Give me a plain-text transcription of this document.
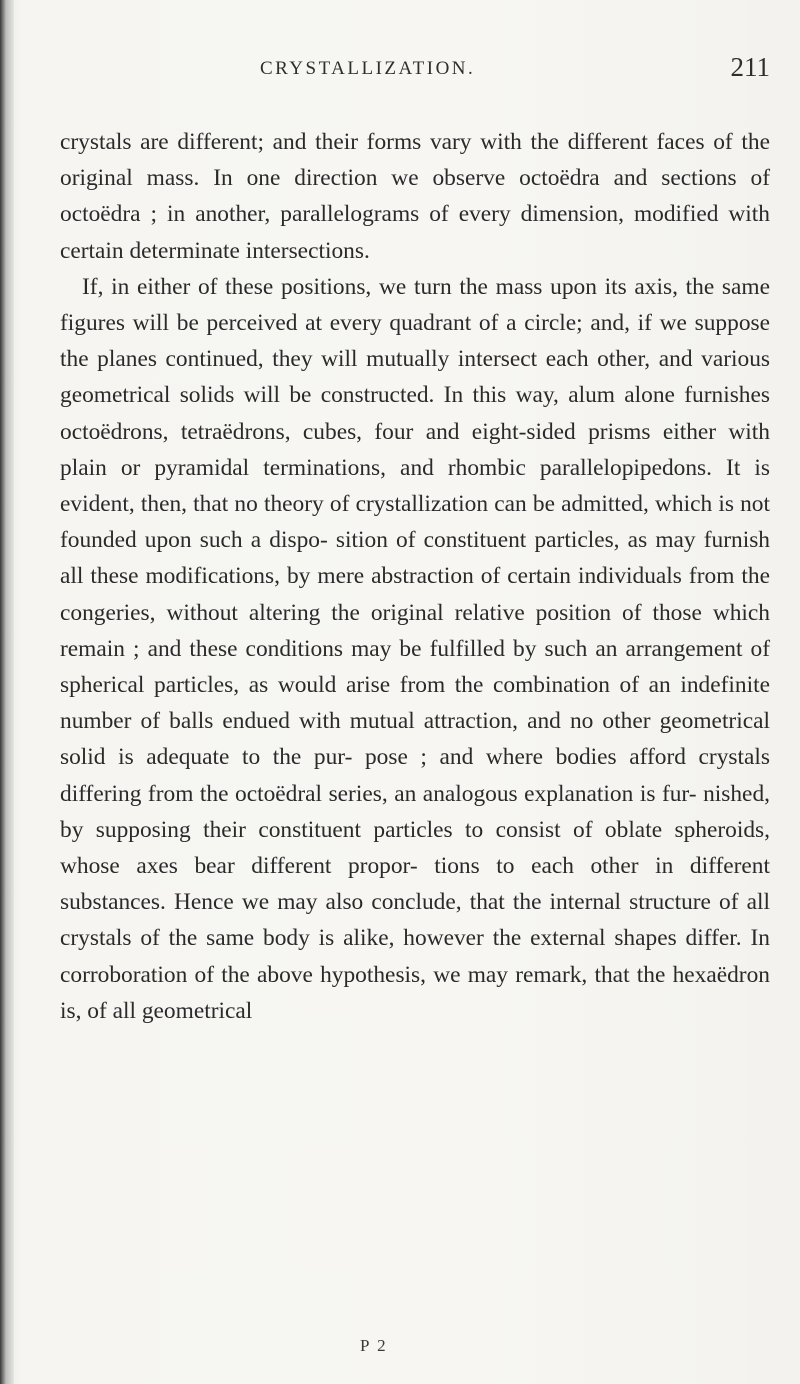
CRYSTALLIZATION.	211

crystals are different; and their forms vary with the different faces of the original mass. In one direction we observe octoëdra and sections of octoëdra ; in another, parallelograms of every dimension, modified with certain determinate intersections.

If, in either of these positions, we turn the mass upon its axis, the same figures will be perceived at every quadrant of a circle; and, if we suppose the planes continued, they will mutually intersect each other, and various geometrical solids will be constructed. In this way, alum alone furnishes octoëdrons, tetraëdrons, cubes, four and eight-sided prisms either with plain or pyramidal terminations, and rhombic parallelopipedons. It is evident, then, that no theory of crystallization can be admitted, which is not founded upon such a dispo- sition of constituent particles, as may furnish all these modifications, by mere abstraction of certain individuals from the congeries, without altering the original relative position of those which remain ; and these conditions may be fulfilled by such an arrangement of spherical particles, as would arise from the combination of an indefinite number of balls endued with mutual attraction, and no other geometrical solid is adequate to the pur- pose ; and where bodies afford crystals differing from the octoëdral series, an analogous explanation is fur- nished, by supposing their constituent particles to consist of oblate spheroids, whose axes bear different propor- tions to each other in different substances. Hence we may also conclude, that the internal structure of all crystals of the same body is alike, however the external shapes differ. In corroboration of the above hypothesis, we may remark, that the hexaëdron is, of all geometrical

P 2
